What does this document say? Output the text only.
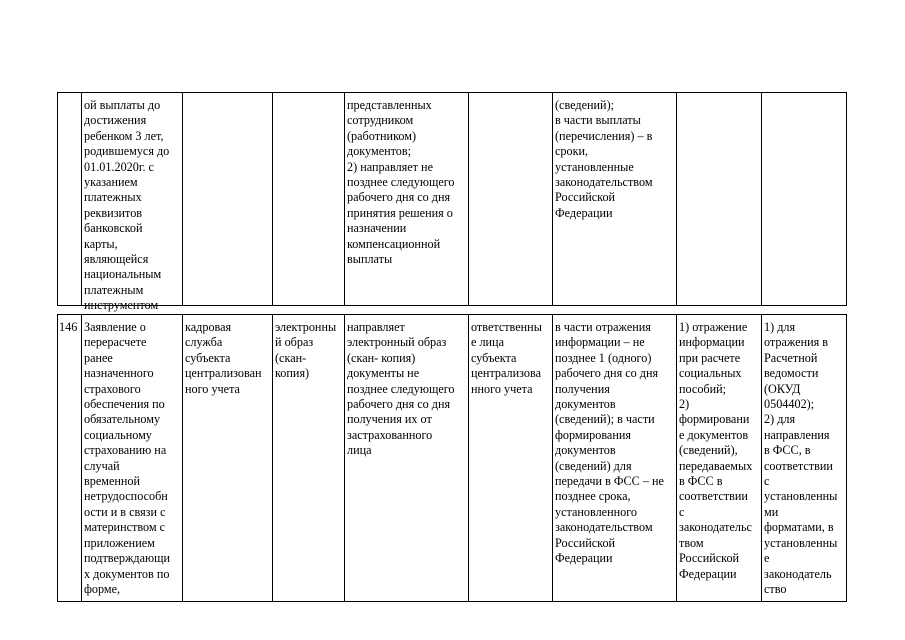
ой выплаты до
достижения
ребенком 3 лет,
родившемуся до
01.01.2020г. с
указанием
платежных
реквизитов
банковской
карты,
являющейся
национальным
платежным
инструментом
представленных
сотрудником
(работником)
документов;
2) направляет не
позднее следующего
рабочего дня со дня
принятия решения о
назначении
компенсационной
выплаты
(сведений);
в части выплаты
(перечисления) – в
сроки,
установленные
законодательством
Российской
Федерации
146 Заявление о
перерасчете
ранее
назначенного
страхового
обеспечения по
обязательному
социальному
страхованию на
случай
временной
нетрудоспособн
ости и в связи с
материнством с
приложением
подтверждающи
х документов по
форме,
кадровая
служба
субъекта
централизован
ного учета
электронны
й образ
(скан-
копия)
направляет
электронный образ
(скан- копия)
документы не
позднее следующего
рабочего дня со дня
получения их от
застрахованного
лица
ответственны
е лица
субъекта
централизова
нного учета
в части отражения
информации – не
позднее 1 (одного)
рабочего дня со дня
получения
документов
(сведений); в части
формирования
документов
(сведений) для
передачи в ФСС – не
позднее срока,
установленного
законодательством
Российской
Федерации
1) отражение
информации
при расчете
социальных
пособий;
2)
формировани
е документов
(сведений),
передаваемых
в ФСС в
соответствии
с
законодательс
твом
Российской
Федерации
1) для
отражения в
Расчетной
ведомости
(ОКУД
0504402);
2) для
направления
в ФСС, в
соответствии
с
установленны
ми
форматами, в
установленны
е
законодатель
ство
